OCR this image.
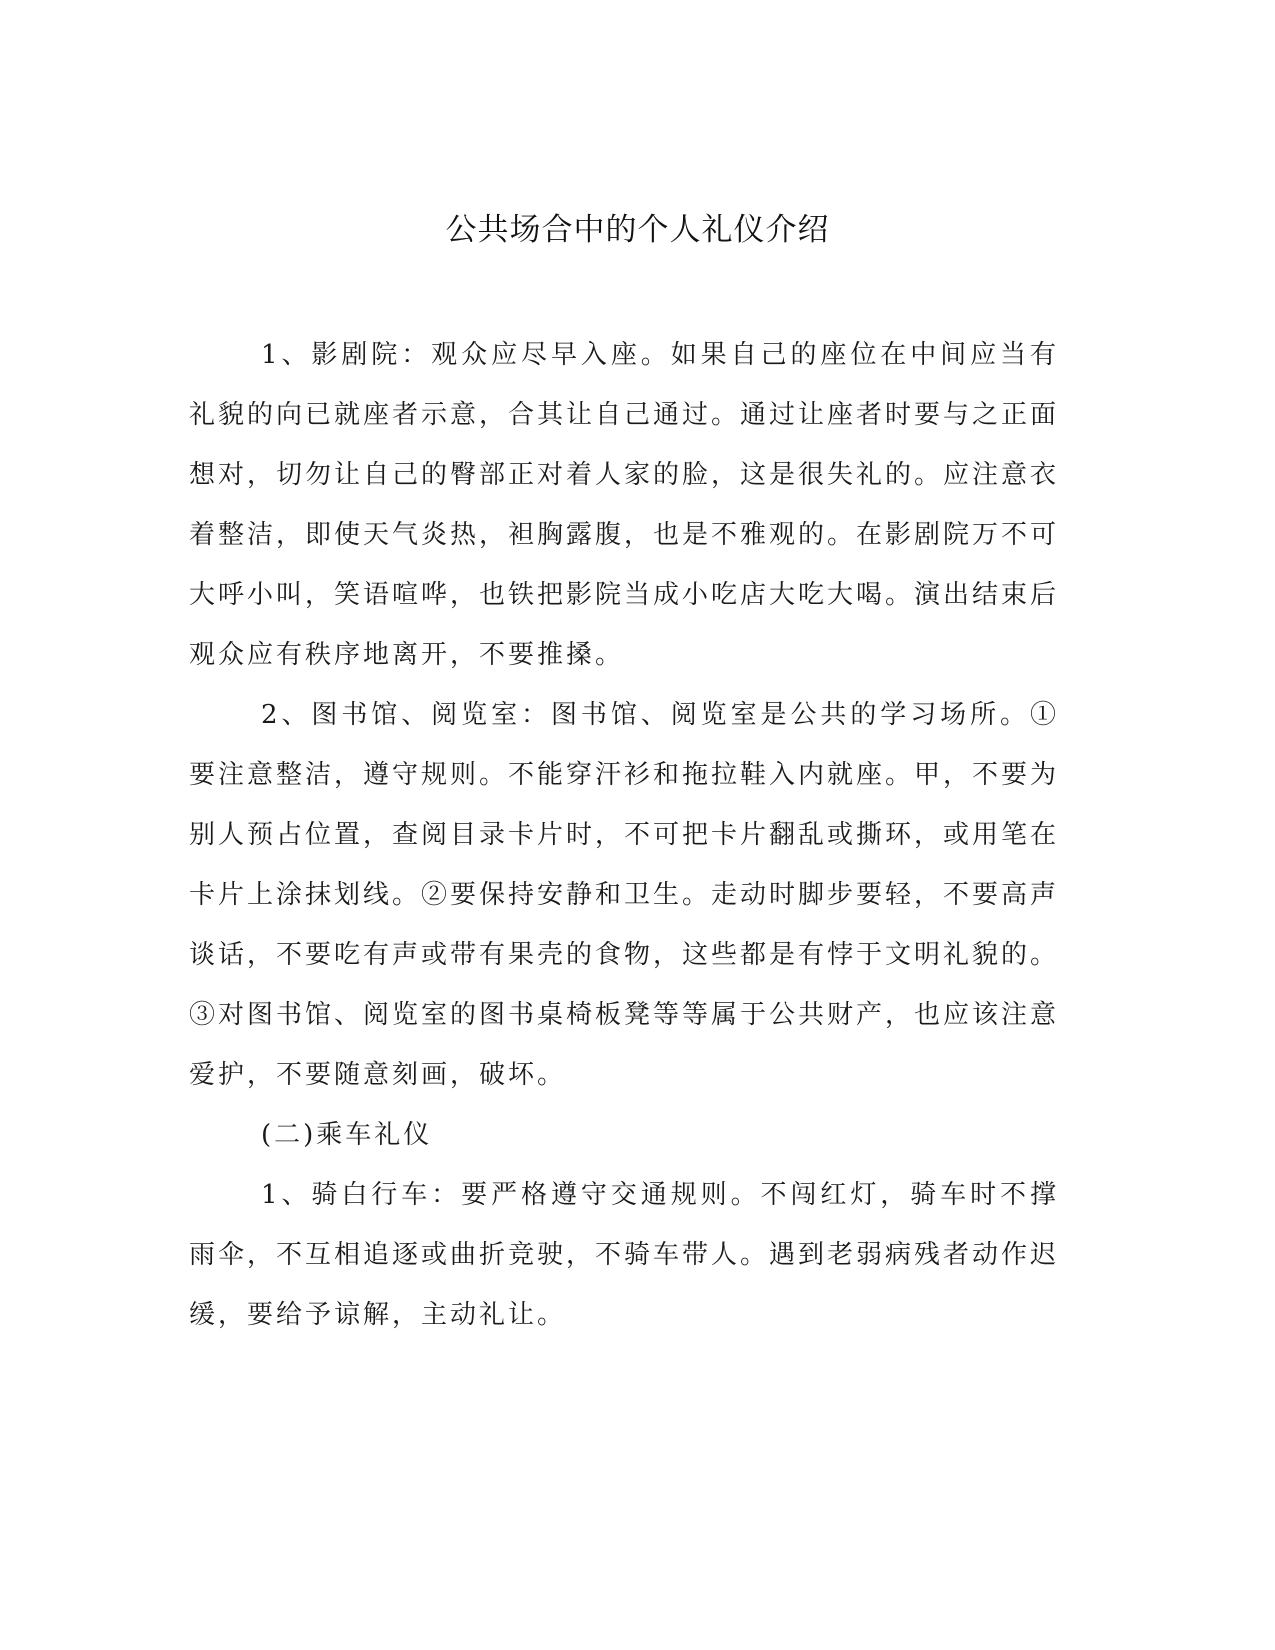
公共场合中的个人礼仪介绍

1、影剧院：观众应尽早入座。如果自己的座位在中间应当有礼貌的向已就座者示意，合其让自己通过。通过让座者时要与之正面想对，切勿让自己的臀部正对着人家的脸，这是很失礼的。应注意衣着整洁，即使天气炎热，袒胸露腹，也是不雅观的。在影剧院万不可大呼小叫，笑语喧哗，也铁把影院当成小吃店大吃大喝。演出结束后观众应有秩序地离开，不要推搡。

2、图书馆、阅览室：图书馆、阅览室是公共的学习场所。①要注意整洁，遵守规则。不能穿汗衫和拖拉鞋入内就座。甲，不要为别人预占位置，查阅目录卡片时，不可把卡片翻乱或撕环，或用笔在卡片上涂抹划线。②要保持安静和卫生。走动时脚步要轻，不要高声谈话，不要吃有声或带有果壳的食物，这些都是有悖于文明礼貌的。③对图书馆、阅览室的图书桌椅板凳等等属于公共财产，也应该注意爱护，不要随意刻画，破坏。

(二)乘车礼仪

1、骑白行车：要严格遵守交通规则。不闯红灯，骑车时不撑雨伞，不互相追逐或曲折竞驶，不骑车带人。遇到老弱病残者动作迟缓，要给予谅解，主动礼让。
